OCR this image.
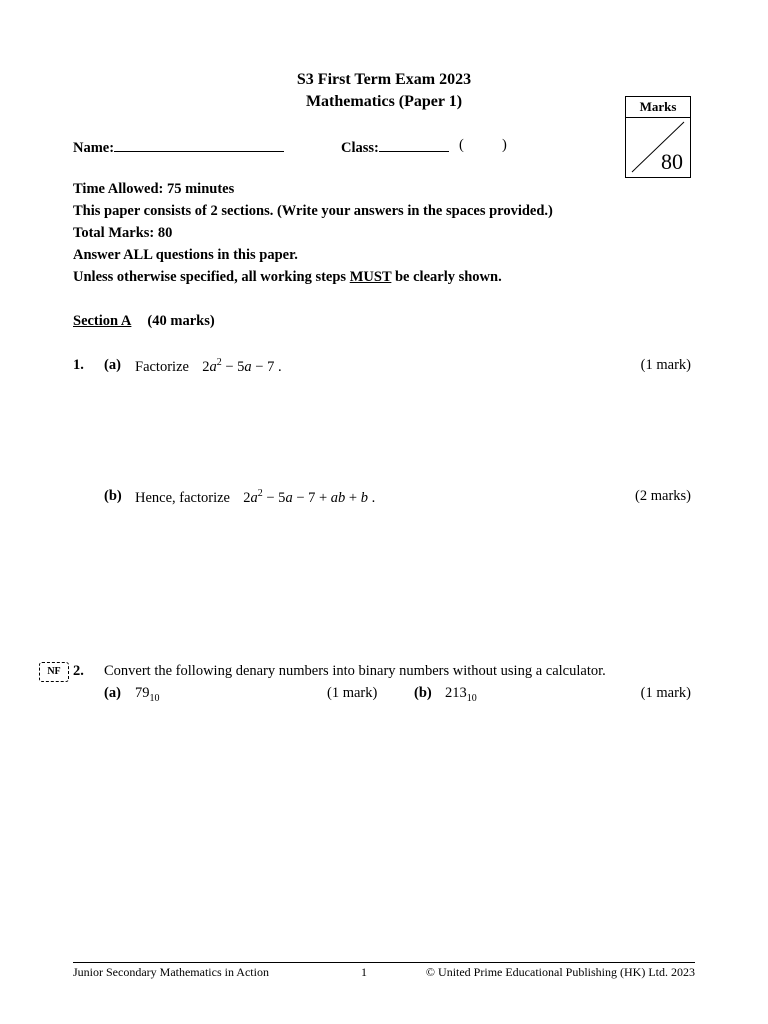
S3 First Term Exam 2023
Mathematics (Paper 1)	Marks
80
Name:	Class:	(	)
Time Allowed: 75 minutes
This paper consists of 2 sections. (Write your answers in the spaces provided.)
Total Marks: 80
Answer ALL questions in this paper.
Unless otherwise specified, all working steps MUST be clearly shown.
Section A (40 marks)
1. (a) Factorize $2a^2 - 5a - 7$ .	(1 mark)
(b) Hence, factorize $2a^2 - 5a - 7$ + ab + b .	(2 marks)
NF 2. Convert the following denary numbers into binary numbers without using a calculator.
(a) $79_{10}$	(1 mark)	(b) $213_{10}$	(1 mark)
Junior Secondary Mathematics in Action	1	© United Prime Educational Publishing (HK) Ltd. 2023
